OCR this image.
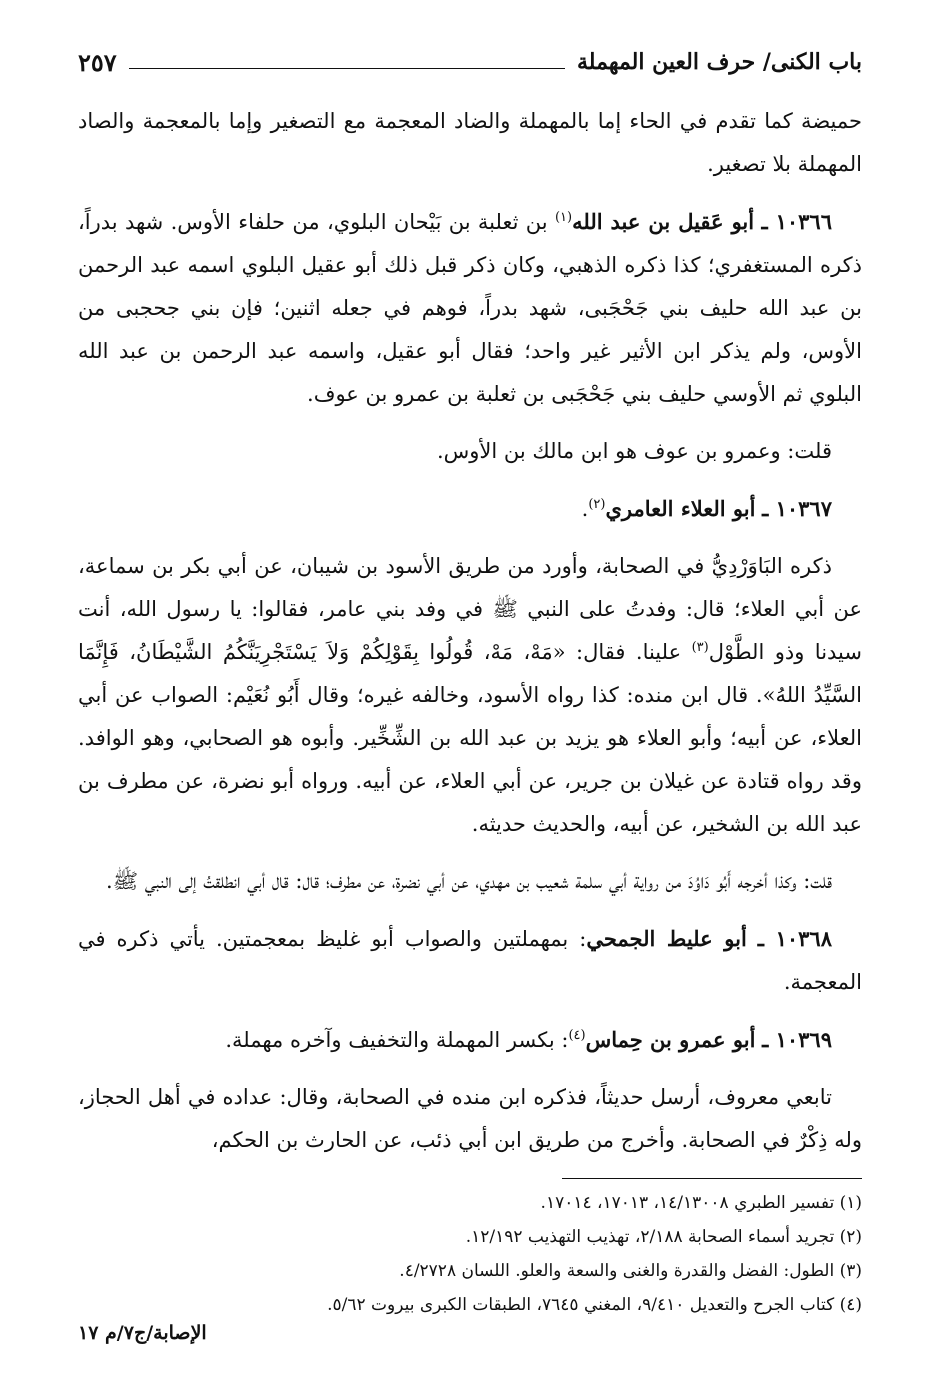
باب الكنى/ حرف العين المهملة
٢٥٧

حميضة كما تقدم في الحاء إما بالمهملة والضاد المعجمة مع التصغير وإما بالمعجمة والصاد المهملة بلا تصغير.

١٠٣٦٦ ـ أبو عَقيل بن عبد الله$^{(١)}$ بن ثعلبة بن بَيْحان البلوي، من حلفاء الأوس. شهد بدراً، ذكره المستغفري؛ كذا ذكره الذهبي، وكان ذكر قبل ذلك أبو عقيل البلوي اسمه عبد الرحمن بن عبد الله حليف بني جَحْجَبى، شهد بدراً، فوهم في جعله اثنين؛ فإن بني جحجبى من الأوس، ولم يذكر ابن الأثير غير واحد؛ فقال أبو عقيل، واسمه عبد الرحمن بن عبد الله البلوي ثم الأوسي حليف بني جَحْجَبى بن ثعلبة بن عمرو بن عوف.

قلت: وعمرو بن عوف هو ابن مالك بن الأوس.

١٠٣٦٧ ـ أبو العلاء العامري$^{(٢)}$.

ذكره البَاوَرْدِيُّ في الصحابة، وأورد من طريق الأسود بن شيبان، عن أبي بكر بن سماعة، عن أبي العلاء؛ قال: وفدتُ على النبي ﷺ في وفد بني عامر، فقالوا: يا رسول الله، أنت سيدنا وذو الطَّوْل$^{(٣)}$ علينا. فقال: «مَهْ، مَهْ، قُولُوا بِقَوْلِكُمْ وَلاَ يَسْتَجْرِيَنَّكُمُ الشَّيْطَانُ، فَإِنَّمَا السَّيِّدُ اللهُ». قال ابن منده: كذا رواه الأسود، وخالفه غيره؛ وقال أَبُو نُعَيْم: الصواب عن أبي العلاء، عن أبيه؛ وأبو العلاء هو يزيد بن عبد الله بن الشِّخِّير. وأبوه هو الصحابي، وهو الوافد. وقد رواه قتادة عن غيلان بن جرير، عن أبي العلاء، عن أبيه. ورواه أبو نضرة، عن مطرف بن عبد الله بن الشخير، عن أبيه، والحديث حديثه.

قلت: وكذا أخرجه أَبُو دَاوُدَ من رواية أبي سلمة شعيب بن مهدي، عن أبي نضرة، عن مطرف؛ قال: قال أبي انطلقتُ إلى النبي ﷺ.

١٠٣٦٨ ـ أبو عليط الجمحي: بمهملتين والصواب أبو غليظ بمعجمتين. يأتي ذكره في المعجمة.

١٠٣٦٩ ـ أبو عمرو بن حِماس$^{(٤)}$: بكسر المهملة والتخفيف وآخره مهملة.

تابعي معروف، أرسل حديثاً، فذكره ابن منده في الصحابة، وقال: عداده في أهل الحجاز، وله ذِكْرٌ في الصحابة. وأخرج من طريق ابن أبي ذئب، عن الحارث بن الحكم،

(١) تفسير الطبري ١٤/١٣٠٠٨، ١٧٠١٣، ١٧٠١٤.
(٢) تجريد أسماء الصحابة ٢/١٨٨، تهذيب التهذيب ١٢/١٩٢.
(٣) الطول: الفضل والقدرة والغنى والسعة والعلو. اللسان ٤/٢٧٢٨.
(٤) كتاب الجرح والتعديل ٩/٤١٠، المغني ٧٦٤٥، الطبقات الكبرى بيروت ٥/٦٢.
الإصابة/ج٧/م ١٧
